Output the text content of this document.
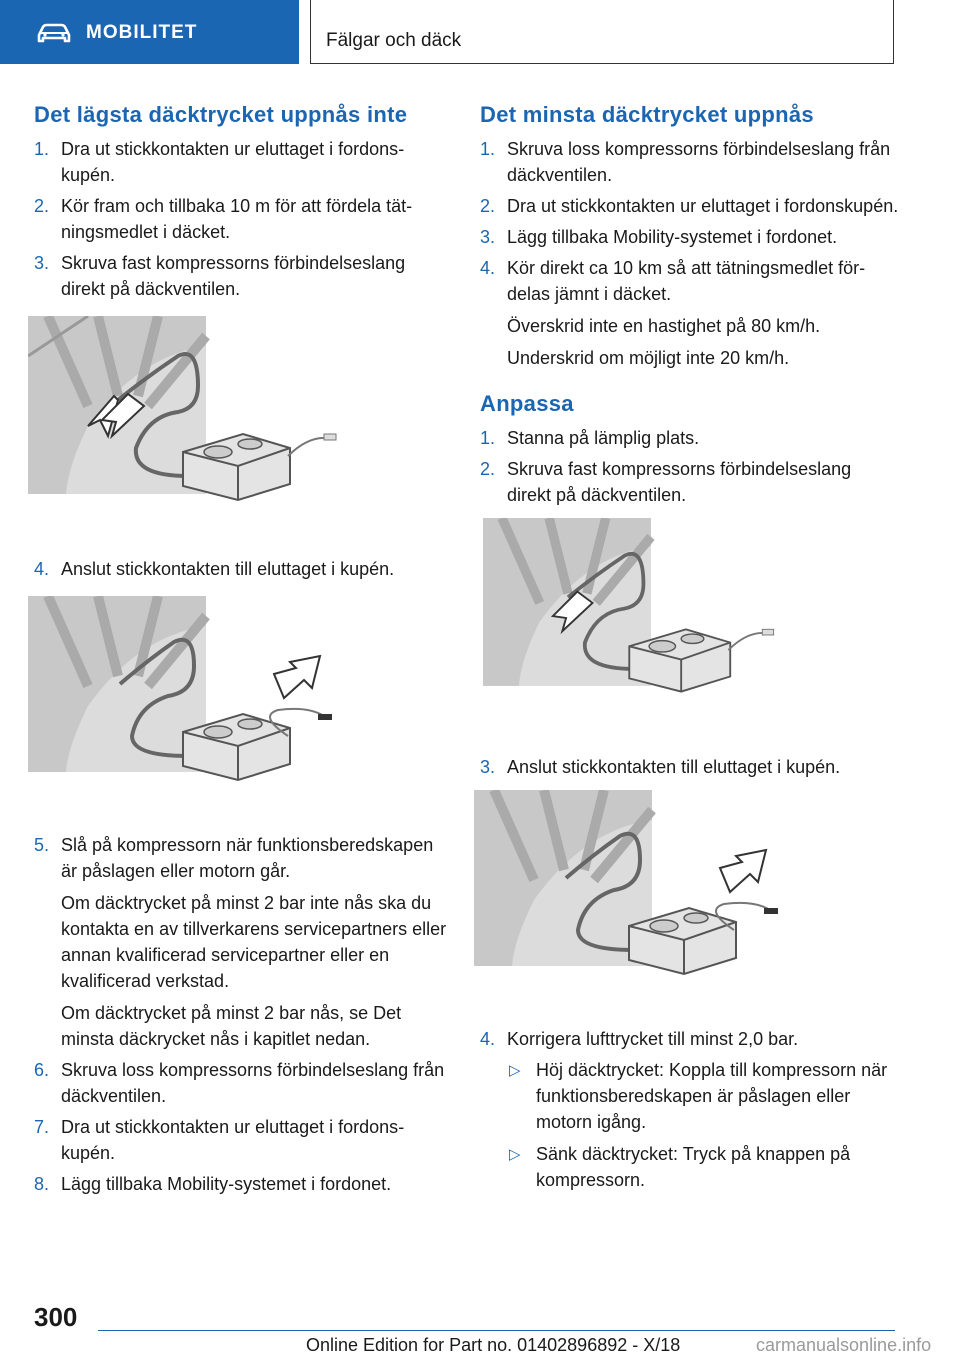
MOBILITET	Fälgar och däck
Det lägsta däcktrycket uppnås inte
1. Dra ut stickkontakten ur eluttaget i fordonskupén.
2. Kör fram och tillbaka 10 m för att fördela tätningsmedlet i däcket.
3. Skruva fast kompressorns förbindelseslang direkt på däckventilen.
4. Anslut stickkontakten till eluttaget i kupén.
5. Slå på kompressorn när funktionsberedskapen är påslagen eller motorn går.

Om däcktrycket på minst 2 bar inte nås ska du kontakta en av tillverkarens servicepartners eller annan kvalificerad servicepartner eller en kvalificerad verkstad.

Om däcktrycket på minst 2 bar nås, se Det minsta däckrycket nås i kapitlet nedan.

6. Skruva loss kompressorns förbindelseslang från däckventilen.
7. Dra ut stickkontakten ur eluttaget i fordonskupén.
8. Lägg tillbaka Mobility-systemet i fordonet.
Det minsta däcktrycket uppnås
1. Skruva loss kompressorns förbindelseslang från däckventilen.
2. Dra ut stickkontakten ur eluttaget i fordonskupén.
3. Lägg tillbaka Mobility-systemet i fordonet.
4. Kör direkt ca 10 km så att tätningsmedlet fördelas jämnt i däcket.

Överskrid inte en hastighet på 80 km/h.

Underskrid om möjligt inte 20 km/h.

Anpassa
1. Stanna på lämplig plats.
2. Skruva fast kompressorns förbindelseslang direkt på däckventilen.
3. Anslut stickkontakten till eluttaget i kupén.
4. Korrigera lufttrycket till minst 2,0 bar.
▷ Höj däcktrycket: Koppla till kompressorn när funktionsberedskapen är påslagen eller motorn igång.
▷ Sänk däcktrycket: Tryck på knappen på kompressorn.
300
Online Edition for Part no. 01402896892 - X/18	carmanualsonline.info
